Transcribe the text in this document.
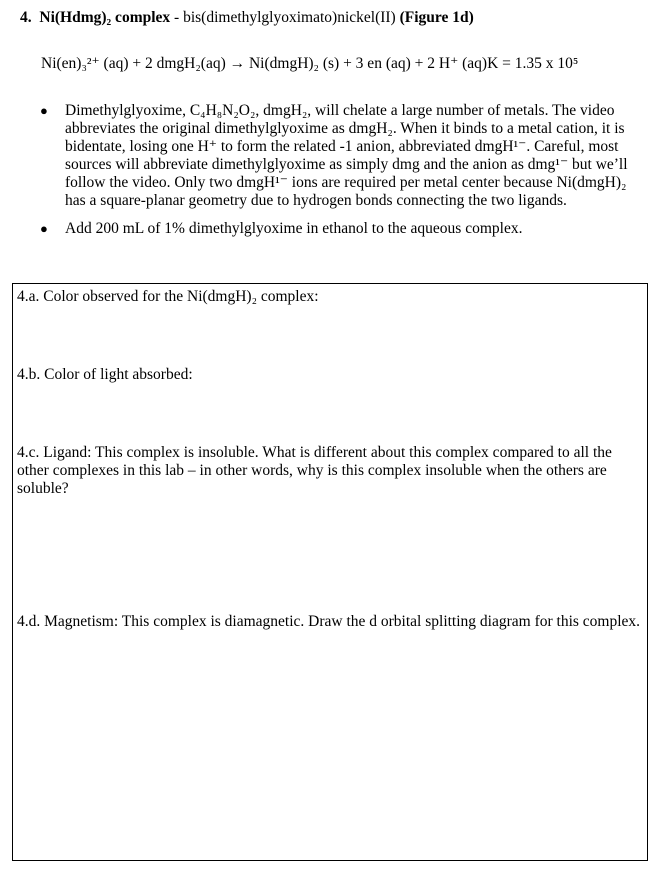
4. Ni(Hdmg)₂ complex - bis(dimethylglyoximato)nickel(II) (Figure 1d)
Ni(en)₃²⁺ (aq) + 2 dmgH₂(aq) → Ni(dmgH)₂ (s) + 3 en (aq) + 2 H⁺ (aq)K = 1.35 x 10⁵
● Dimethylglyoxime, C₄H₈N₂O₂, dmgH₂, will chelate a large number of metals. The video abbreviates the original dimethylglyoxime as dmgH₂. When it binds to a metal cation, it is bidentate, losing one H⁺ to form the related -1 anion, abbreviated dmgH¹⁻. Careful, most sources will abbreviate dimethylglyoxime as simply dmg and the anion as dmg¹⁻ but we’ll follow the video. Only two dmgH¹⁻ ions are required per metal center because Ni(dmgH)₂ has a square-planar geometry due to hydrogen bonds connecting the two ligands.
● Add 200 mL of 1% dimethylglyoxime in ethanol to the aqueous complex.
4.a. Color observed for the Ni(dmgH)₂ complex:
4.b. Color of light absorbed:
4.c. Ligand: This complex is insoluble. What is different about this complex compared to all the other complexes in this lab – in other words, why is this complex insoluble when the others are soluble?
4.d. Magnetism: This complex is diamagnetic. Draw the d orbital splitting diagram for this complex.
